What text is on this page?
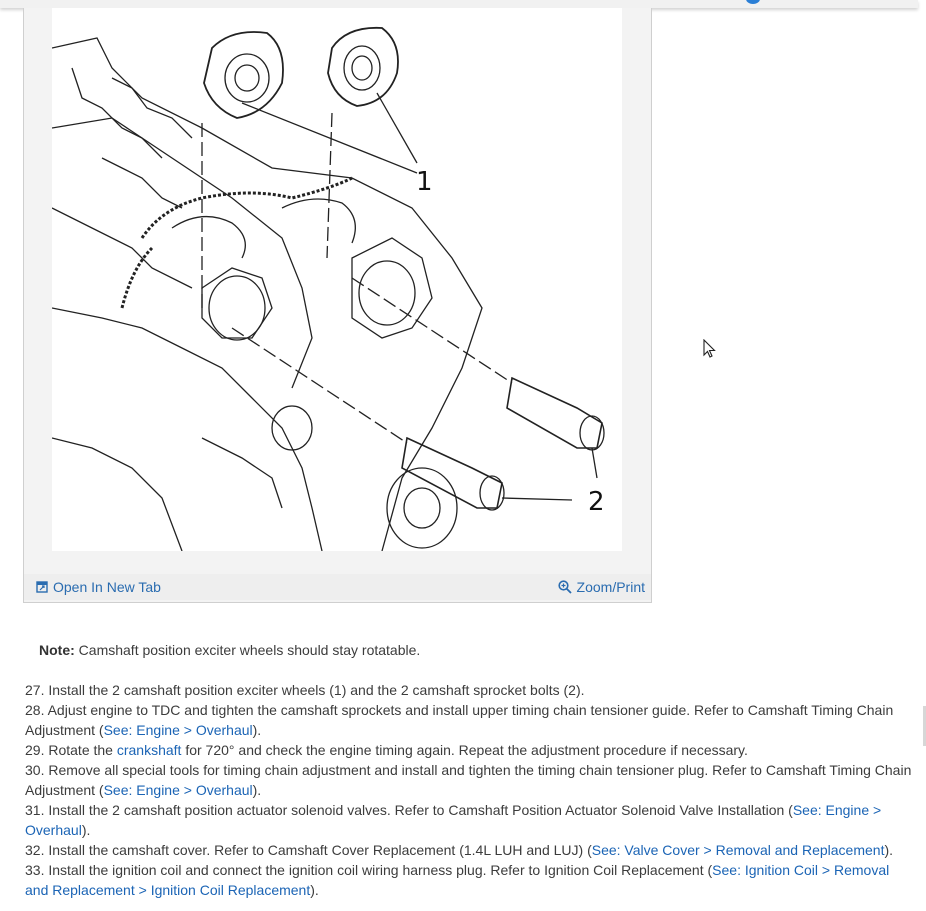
1
2
Open In New Tab	Zoom/Print

Note: Camshaft position exciter wheels should stay rotatable.

27. Install the 2 camshaft position exciter wheels (1) and the 2 camshaft sprocket bolts (2).

28. Adjust engine to TDC and tighten the camshaft sprockets and install upper timing chain tensioner guide. Refer to Camshaft Timing Chain Adjustment (See: Engine > Overhaul).

29. Rotate the crankshaft for 720° and check the engine timing again. Repeat the adjustment procedure if necessary.

30. Remove all special tools for timing chain adjustment and install and tighten the timing chain tensioner plug. Refer to Camshaft Timing Chain Adjustment (See: Engine > Overhaul).

31. Install the 2 camshaft position actuator solenoid valves. Refer to Camshaft Position Actuator Solenoid Valve Installation (See: Engine > Overhaul).

32. Install the camshaft cover. Refer to Camshaft Cover Replacement (1.4L LUH and LUJ) (See: Valve Cover > Removal and Replacement).

33. Install the ignition coil and connect the ignition coil wiring harness plug. Refer to Ignition Coil Replacement (See: Ignition Coil > Removal and Replacement > Ignition Coil Replacement).
